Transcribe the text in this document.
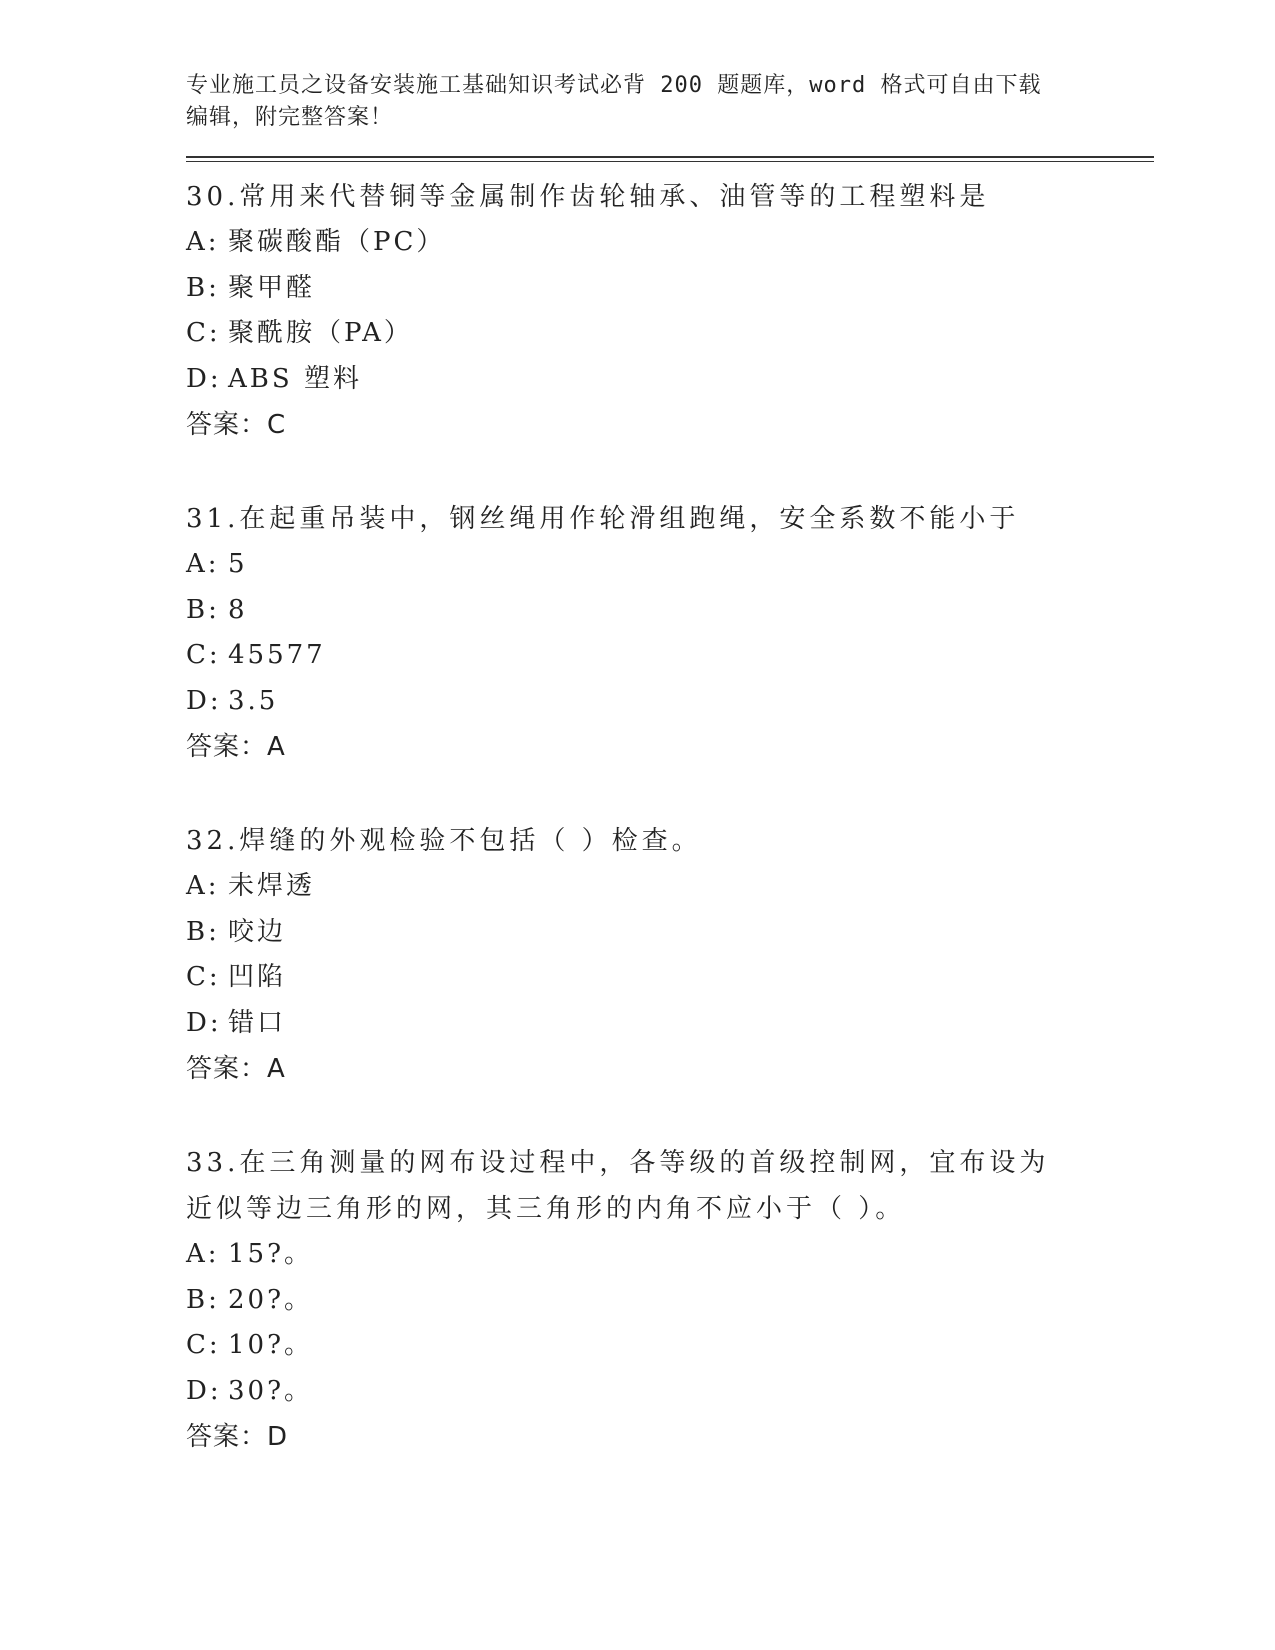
专业施工员之设备安装施工基础知识考试必背 200 题题库，word 格式可自由下载
编辑，附完整答案！
30.常用来代替铜等金属制作齿轮轴承、油管等的工程塑料是
A: 聚碳酸酯（PC）
B: 聚甲醛
C: 聚酰胺（PA）
D: ABS 塑料
答案：C
31.在起重吊装中，钢丝绳用作轮滑组跑绳，安全系数不能小于
A: 5
B: 8
C: 45577
D: 3.5
答案：A
32.焊缝的外观检验不包括（ ）检查。
A: 未焊透
B: 咬边
C: 凹陷
D: 错口
答案：A
33.在三角测量的网布设过程中，各等级的首级控制网，宜布设为近似等边三角形的网，其三角形的内角不应小于（ ）。
A: 15?。
B: 20?。
C: 10?。
D: 30?。
答案：D
